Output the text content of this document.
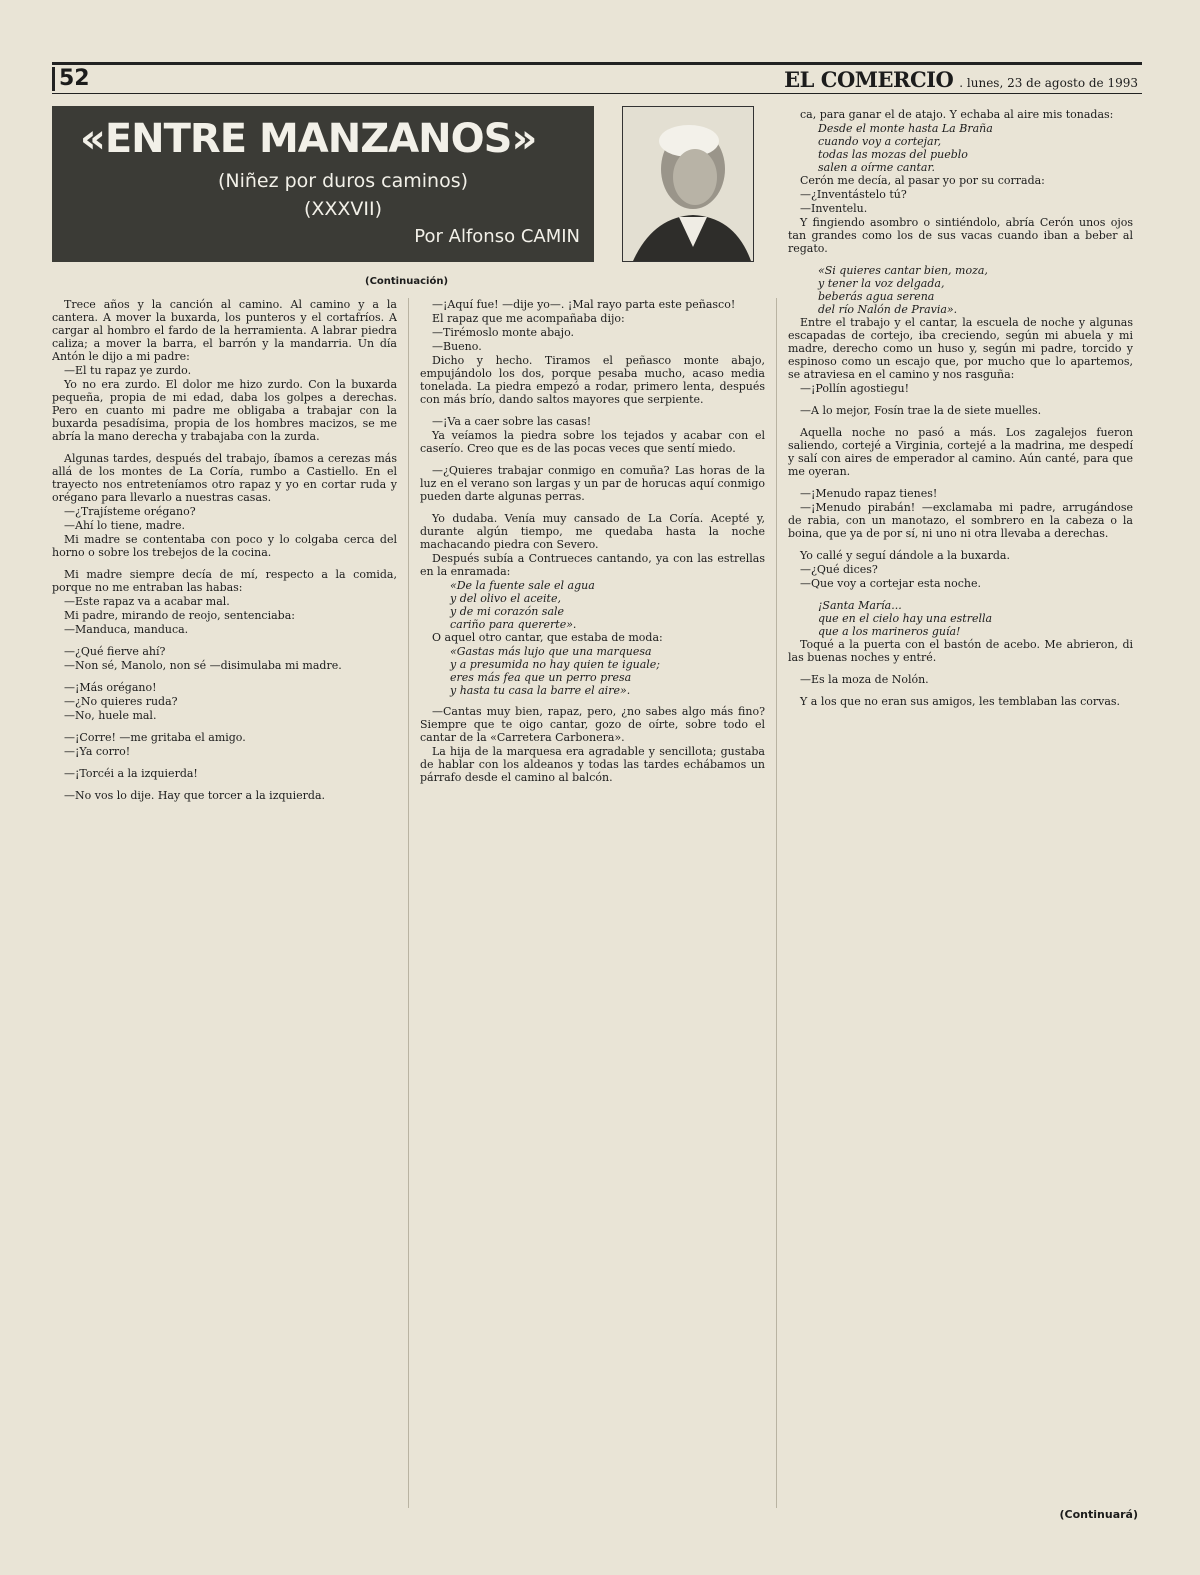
52	EL COMERCIO . lunes, 23 de agosto de 1993
«ENTRE MANZANOS»
(Niñez por duros caminos)
(XXXVII)
Por Alfonso CAMIN
(Continuación)

Trece años y la canción al camino. Al camino y a la cantera. A mover la buxarda, los punteros y el cortafríos. A cargar al hombro el fardo de la herramienta. A labrar piedra caliza; a mover la barra, el barrón y la mandarria. Un día Antón le dijo a mi padre:

—El tu rapaz ye zurdo.

Yo no era zurdo. El dolor me hizo zurdo. Con la buxarda pequeña, propia de mi edad, daba los golpes a derechas. Pero en cuanto mi padre me obligaba a trabajar con la buxarda pesadísima, propia de los hombres macizos, se me abría la mano derecha y trabajaba con la zurda.

Algunas tardes, después del trabajo, íbamos a cerezas más allá de los montes de La Coría, rumbo a Castiello. En el trayecto nos entreteníamos otro rapaz y yo en cortar ruda y orégano para llevarlo a nuestras casas.

—¿Trajísteme orégano?

—Ahí lo tiene, madre.

Mi madre se contentaba con poco y lo colgaba cerca del horno o sobre los trebejos de la cocina.

Mi madre siempre decía de mí, respecto a la comida, porque no me entraban las habas:

—Este rapaz va a acabar mal.

Mi padre, mirando de reojo, sentenciaba:

—Manduca, manduca.

—¿Qué fierve ahí?

—Non sé, Manolo, non sé —disimulaba mi madre.

—¡Más orégano!

—¿No quieres ruda?

—No, huele mal.

—¡Corre! —me gritaba el amigo.

—¡Ya corro!

—¡Torcéi a la izquierda!

—No vos lo dije. Hay que torcer a la izquierda.

—¡Aquí fue! —dije yo—. ¡Mal rayo parta este peñasco!

El rapaz que me acompañaba dijo:

—Tirémoslo monte abajo.

—Bueno.

Dicho y hecho. Tiramos el peñasco monte abajo, empujándolo los dos, porque pesaba mucho, acaso media tonelada. La piedra empezó a rodar, primero lenta, después con más brío, dando saltos mayores que serpiente.

—¡Va a caer sobre las casas!

Ya veíamos la piedra sobre los tejados y acabar con el caserío. Creo que es de las pocas veces que sentí miedo.

—¿Quieres trabajar conmigo en comuña? Las horas de la luz en el verano son largas y un par de horucas aquí conmigo pueden darte algunas perras.

Yo dudaba. Venía muy cansado de La Coría. Acepté y, durante algún tiempo, me quedaba hasta la noche machacando piedra con Severo.

Después subía a Contrueces cantando, ya con las estrellas en la enramada:

«De la fuente sale el agua

y del olivo el aceite,

y de mi corazón sale

cariño para quererte».

O aquel otro cantar, que estaba de moda:

«Gastas más lujo que una marquesa

y a presumida no hay quien te iguale;

eres más fea que un perro presa

y hasta tu casa la barre el aire».

—Cantas muy bien, rapaz, pero, ¿no sabes algo más fino? Siempre que te oigo cantar, gozo de oírte, sobre todo el cantar de la «Carretera Carbonera».

La hija de la marquesa era agradable y sencillota; gustaba de hablar con los aldeanos y todas las tardes echábamos un párrafo desde el camino al balcón.

ca, para ganar el de atajo. Y echaba al aire mis tonadas:

Desde el monte hasta La Braña

cuando voy a cortejar,

todas las mozas del pueblo

salen a oírme cantar.

Cerón me decía, al pasar yo por su corrada:

—¿Inventástelo tú?

—Inventelu.

Y fingiendo asombro o sintiéndolo, abría Cerón unos ojos tan grandes como los de sus vacas cuando iban a beber al regato.

«Si quieres cantar bien, moza,

y tener la voz delgada,

beberás agua serena

del río Nalón de Pravia».

Entre el trabajo y el cantar, la escuela de noche y algunas escapadas de cortejo, iba creciendo, según mi abuela y mi madre, derecho como un huso y, según mi padre, torcido y espinoso como un escajo que, por mucho que lo apartemos, se atraviesa en el camino y nos rasguña:

—¡Pollín agostiegu!

—A lo mejor, Fosín trae la de siete muelles.

Aquella noche no pasó a más. Los zagalejos fueron saliendo, cortejé a Virginia, cortejé a la madrina, me despedí y salí con aires de emperador al camino. Aún canté, para que me oyeran.

—¡Menudo rapaz tienes!

—¡Menudo pirabán! —exclamaba mi padre, arrugándose de rabia, con un manotazo, el sombrero en la cabeza o la boina, que ya de por sí, ni uno ni otra llevaba a derechas.

Yo callé y seguí dándole a la buxarda.

—¿Qué dices?

—Que voy a cortejar esta noche.

¡Santa María...

que en el cielo hay una estrella

que a los marineros guía!

Toqué a la puerta con el bastón de acebo. Me abrieron, di las buenas noches y entré.

—Es la moza de Nolón.

Y a los que no eran sus amigos, les temblaban las corvas.

(Continuará)
